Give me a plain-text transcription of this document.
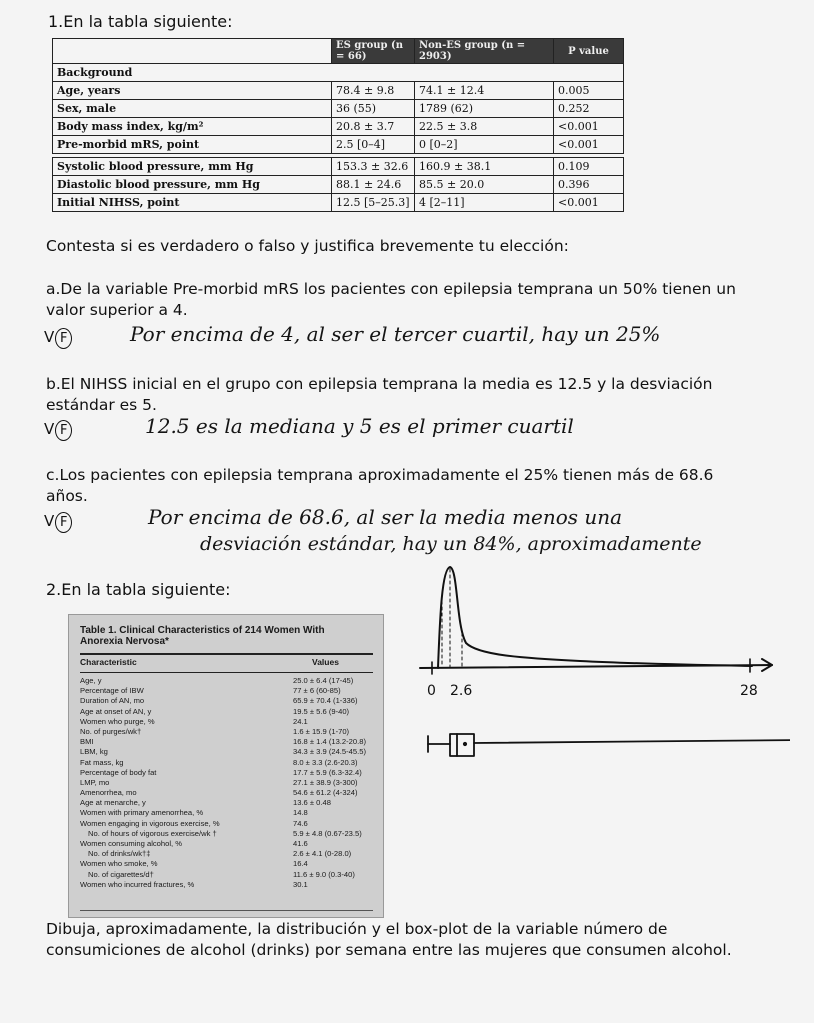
1.En la tabla siguiente:
	ES group (n = 66)	Non-ES group (n = 2903)	P value
Background			
Age, years	78.4 ± 9.8	74.1 ± 12.4	0.005
Sex, male	36 (55)	1789 (62)	0.252
Body mass index, kg/m²	20.8 ± 3.7	22.5 ± 3.8	<0.001
Pre-morbid mRS, point	2.5 [0–4]	0 [0–2]	<0.001

Systolic blood pressure, mm Hg	153.3 ± 32.6	160.9 ± 38.1	0.109
Diastolic blood pressure, mm Hg	88.1 ± 24.6	85.5 ± 20.0	0.396
Initial NIHSS, point	12.5 [5–25.3]	4 [2–11]	<0.001
Contesta si es verdadero o falso y justifica brevemente tu elección:
a.De la variable Pre-morbid mRS los pacientes con epilepsia temprana un 50% tienen un valor superior a 4.
V F	Por encima de 4, al ser el tercer cuartil, hay un 25%
b.El NIHSS inicial en el grupo con epilepsia temprana la media es 12.5 y la desviación estándar es 5.
V F	12.5 es la mediana y 5 es el primer cuartil
c.Los pacientes con epilepsia temprana aproximadamente el 25% tienen más de 68.6 años.
V F	Por encima de 68.6, al ser la media menos una
desviación estándar, hay un 84%, aproximadamente
2.En la tabla siguiente:
Table 1. Clinical Characteristics of 214 Women With Anorexia Nervosa*
Characteristic	Values
Age, y	25.0 ± 6.4 (17-45)
Percentage of IBW	77 ± 6 (60-85)
Duration of AN, mo	65.9 ± 70.4 (1-336)
Age at onset of AN, y	19.5 ± 5.6 (9-40)
Women who purge, %	24.1
No. of purges/wk†	1.6 ± 15.9 (1-70)
BMI	16.8 ± 1.4 (13.2-20.8)
LBM, kg	34.3 ± 3.9 (24.5-45.5)
Fat mass, kg	8.0 ± 3.3 (2.6-20.3)
Percentage of body fat	17.7 ± 5.9 (6.3-32.4)
LMP, mo	27.1 ± 38.9 (3-300)
Amenorrhea, mo	54.6 ± 61.2 (4-324)
Age at menarche, y	13.6 ± 0.48
Women with primary amenorrhea, %	14.8
Women engaging in vigorous exercise, %	74.6
No. of hours of vigorous exercise/wk †	5.9 ± 4.8 (0.67-23.5)
Women consuming alcohol, %	41.6
No. of drinks/wk†‡	2.6 ± 4.1 (0-28.0)
Women who smoke, %	16.4
No. of cigarettes/d†	11.6 ± 9.0 (0.3-40)
Women who incurred fractures, %	30.1
0 2.6	28
Dibuja, aproximadamente, la distribución y el box-plot de la variable número de consumiciones de alcohol (drinks) por semana entre las mujeres que consumen alcohol.
